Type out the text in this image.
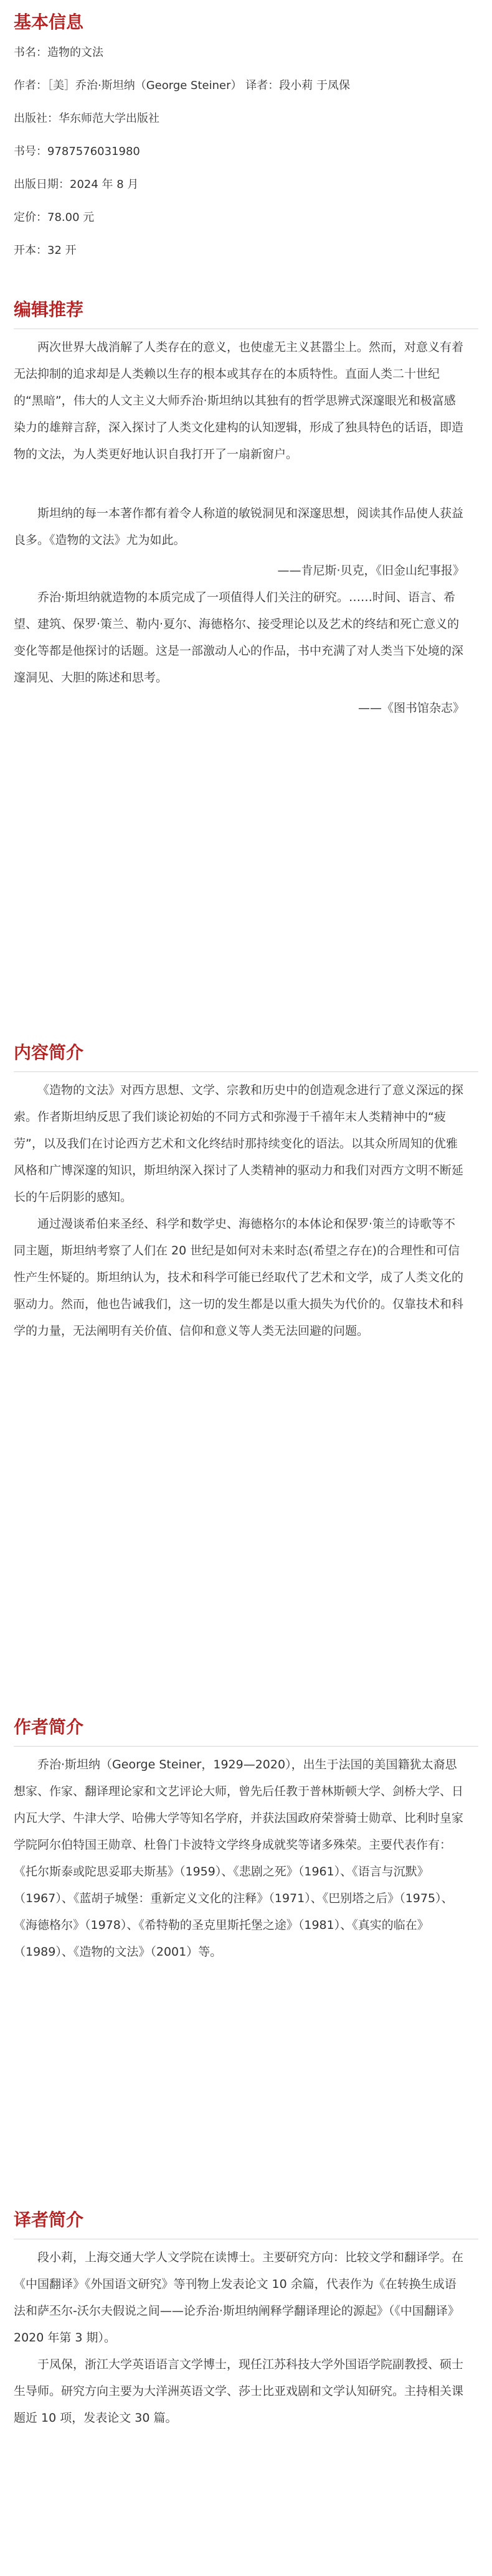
基本信息

书名：造物的文法

作者：［美］乔治·斯坦纳（George Steiner） 译者：段小莉 于凤保

出版社：华东师范大学出版社

书号：9787576031980

出版日期：2024 年 8 月

定价：78.00 元

开本：32 开

编辑推荐

两次世界大战消解了人类存在的意义，也使虚无主义甚嚣尘上。然而，对意义有着无法抑制的追求却是人类赖以生存的根本或其存在的本质特性。直面人类二十世纪的“黑暗”，伟大的人文主义大师乔治·斯坦纳以其独有的哲学思辨式深邃眼光和极富感染力的雄辩言辞，深入探讨了人类文化建构的认知逻辑，形成了独具特色的话语，即造物的文法，为人类更好地认识自我打开了一扇新窗户。

斯坦纳的每一本著作都有着令人称道的敏锐洞见和深邃思想，阅读其作品使人获益良多。《造物的文法》尤为如此。

——肯尼斯·贝克，《旧金山纪事报》

乔治·斯坦纳就造物的本质完成了一项值得人们关注的研究。……时间、语言、希望、建筑、保罗·策兰、勒内·夏尔、海德格尔、接受理论以及艺术的终结和死亡意义的变化等都是他探讨的话题。这是一部激动人心的作品，书中充满了对人类当下处境的深邃洞见、大胆的陈述和思考。

——《图书馆杂志》

内容简介

《造物的文法》对西方思想、文学、宗教和历史中的创造观念进行了意义深远的探索。作者斯坦纳反思了我们谈论初始的不同方式和弥漫于千禧年末人类精神中的“疲劳”，以及我们在讨论西方艺术和文化终结时那持续变化的语法。以其众所周知的优雅风格和广博深邃的知识，斯坦纳深入探讨了人类精神的驱动力和我们对西方文明不断延长的午后阴影的感知。

通过漫谈希伯来圣经、科学和数学史、海德格尔的本体论和保罗·策兰的诗歌等不同主题，斯坦纳考察了人们在 20 世纪是如何对未来时态(希望之存在)的合理性和可信性产生怀疑的。斯坦纳认为，技术和科学可能已经取代了艺术和文学，成了人类文化的驱动力。然而，他也告诫我们，这一切的发生都是以重大损失为代价的。仅靠技术和科学的力量，无法阐明有关价值、信仰和意义等人类无法回避的问题。

作者简介

乔治·斯坦纳（George Steiner，1929—2020），出生于法国的美国籍犹太裔思想家、作家、翻译理论家和文艺评论大师，曾先后任教于普林斯顿大学、剑桥大学、日内瓦大学、牛津大学、哈佛大学等知名学府，并获法国政府荣誉骑士勋章、比利时皇家学院阿尔伯特国王勋章、杜鲁门卡波特文学终身成就奖等诸多殊荣。主要代表作有：《托尔斯泰或陀思妥耶夫斯基》（1959）、《悲剧之死》（1961）、《语言与沉默》（1967）、《蓝胡子城堡：重新定义文化的注释》（1971）、《巴别塔之后》（1975）、《海德格尔》（1978）、《希特勒的圣克里斯托堡之途》（1981）、《真实的临在》（1989）、《造物的文法》（2001）等。

译者简介

段小莉，上海交通大学人文学院在读博士。主要研究方向：比较文学和翻译学。在《中国翻译》《外国语文研究》等刊物上发表论文 10 余篇，代表作为《在转换生成语法和萨丕尔-沃尔夫假说之间——论乔治·斯坦纳阐释学翻译理论的源起》（《中国翻译》2020 年第 3 期）。

于凤保，浙江大学英语语言文学博士，现任江苏科技大学外国语学院副教授、硕士生导师。研究方向主要为大洋洲英语文学、莎士比亚戏剧和文学认知研究。主持相关课题近 10 项，发表论文 30 篇。
